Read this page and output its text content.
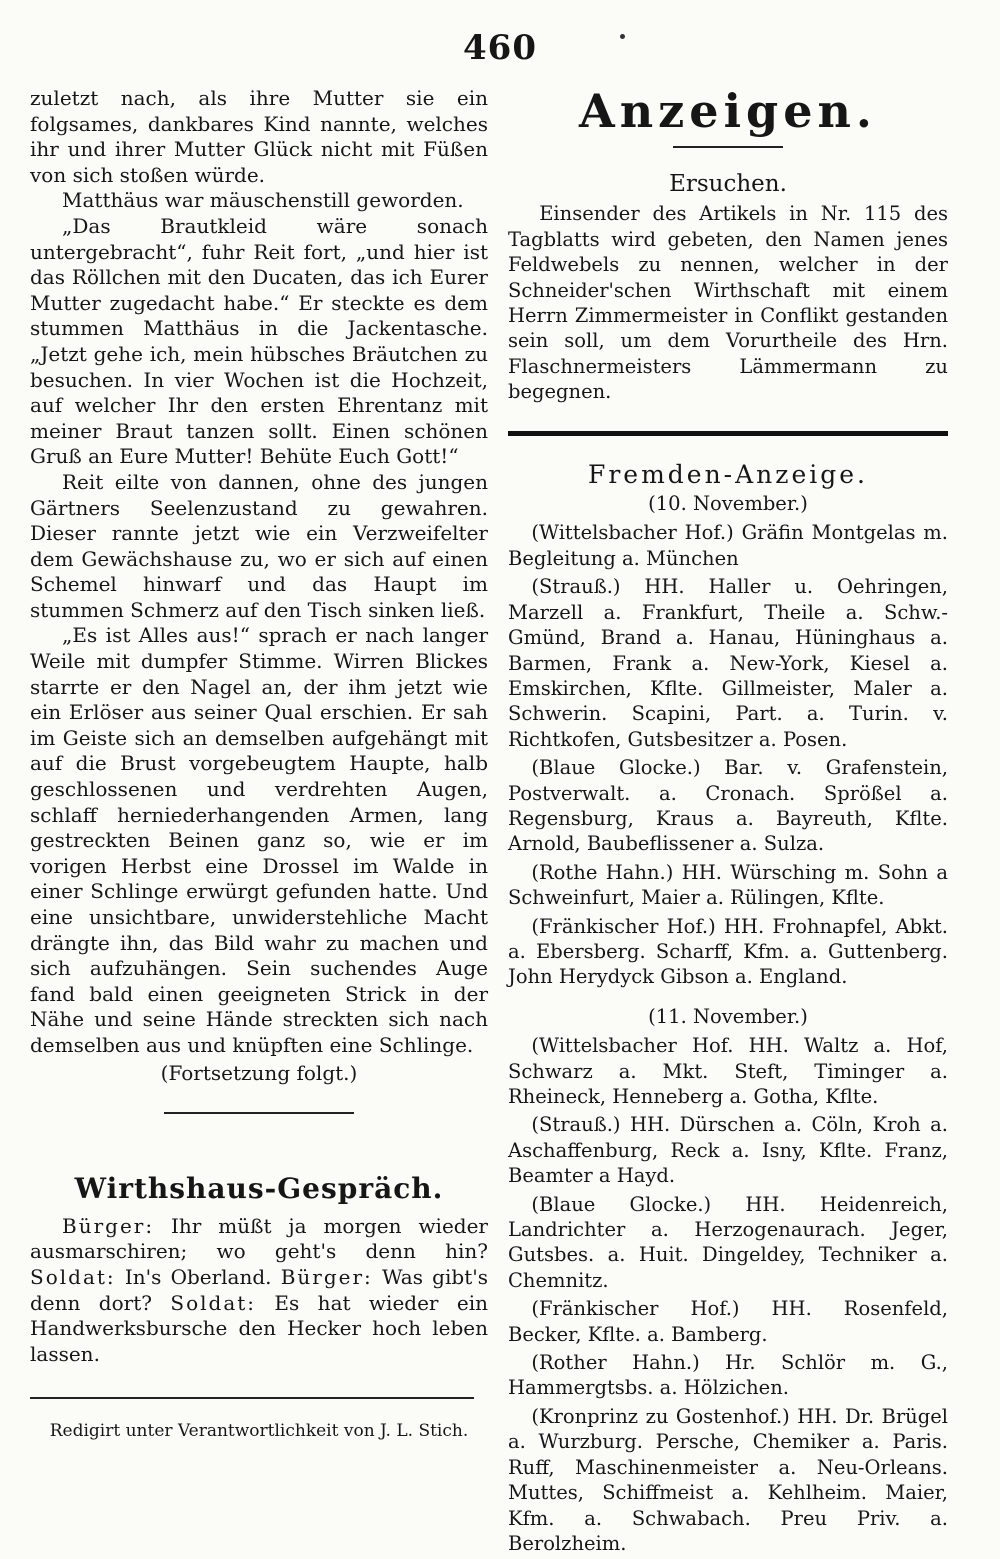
460

zuletzt nach, als ihre Mutter sie ein folgsames, dankbares Kind nannte, welches ihr und ihrer Mutter Glück nicht mit Füßen von sich stoßen würde.

Matthäus war mäuschenstill geworden.

„Das Brautkleid wäre sonach untergebracht“, fuhr Reit fort, „und hier ist das Röllchen mit den Ducaten, das ich Eurer Mutter zugedacht habe.“ Er steckte es dem stummen Matthäus in die Jackentasche. „Jetzt gehe ich, mein hübsches Bräutchen zu besuchen. In vier Wochen ist die Hochzeit, auf welcher Ihr den ersten Ehrentanz mit meiner Braut tanzen sollt. Einen schönen Gruß an Eure Mutter! Behüte Euch Gott!“

Reit eilte von dannen, ohne des jungen Gärtners Seelenzustand zu gewahren. Dieser rannte jetzt wie ein Verzweifelter dem Gewächshause zu, wo er sich auf einen Schemel hinwarf und das Haupt im stummen Schmerz auf den Tisch sinken ließ.

„Es ist Alles aus!“ sprach er nach langer Weile mit dumpfer Stimme. Wirren Blickes starrte er den Nagel an, der ihm jetzt wie ein Erlöser aus seiner Qual erschien. Er sah im Geiste sich an demselben aufgehängt mit auf die Brust vorgebeugtem Haupte, halb geschlossenen und verdrehten Augen, schlaff herniederhangenden Armen, lang gestreckten Beinen ganz so, wie er im vorigen Herbst eine Drossel im Walde in einer Schlinge erwürgt gefunden hatte. Und eine unsichtbare, unwiderstehliche Macht drängte ihn, das Bild wahr zu machen und sich aufzuhängen. Sein suchendes Auge fand bald einen geeigneten Strick in der Nähe und seine Hände streckten sich nach demselben aus und knüpften eine Schlinge.

(Fortsetzung folgt.)

Wirthshaus-Gespräch.

Bürger: Ihr müßt ja morgen wieder ausmarschiren; wo geht's denn hin? Soldat: In's Oberland. Bürger: Was gibt's denn dort? Soldat: Es hat wieder ein Handwerksbursche den Hecker hoch leben lassen.

Redigirt unter Verantwortlichkeit von J. L. Stich.
Anzeigen.
Ersuchen.

Einsender des Artikels in Nr. 115 des Tagblatts wird gebeten, den Namen jenes Feldwebels zu nennen, welcher in der Schneider'schen Wirthschaft mit einem Herrn Zimmermeister in Conflikt gestanden sein soll, um dem Vorurtheile des Hrn. Flaschnermeisters Lämmermann zu begegnen.

Fremden-Anzeige.
(10. November.)

(Wittelsbacher Hof.) Gräfin Montgelas m. Begleitung a. München

(Strauß.) HH. Haller u. Oehringen, Marzell a. Frankfurt, Theile a. Schw.-Gmünd, Brand a. Hanau, Hüninghaus a. Barmen, Frank a. New-York, Kiesel a. Emskirchen, Kflte. Gillmeister, Maler a. Schwerin. Scapini, Part. a. Turin. v. Richtkofen, Gutsbesitzer a. Posen.

(Blaue Glocke.) Bar. v. Grafenstein, Postverwalt. a. Cronach. Sprößel a. Regensburg, Kraus a. Bayreuth, Kflte. Arnold, Baubeflissener a. Sulza.

(Rothe Hahn.) HH. Würsching m. Sohn a Schweinfurt, Maier a. Rülingen, Kflte.

(Fränkischer Hof.) HH. Frohnapfel, Abkt. a. Ebersberg. Scharff, Kfm. a. Guttenberg. John Herydyck Gibson a. England.

(11. November.)

(Wittelsbacher Hof. HH. Waltz a. Hof, Schwarz a. Mkt. Steft, Timinger a. Rheineck, Henneberg a. Gotha, Kflte.

(Strauß.) HH. Dürschen a. Cöln, Kroh a. Aschaffenburg, Reck a. Isny, Kflte. Franz, Beamter a Hayd.

(Blaue Glocke.) HH. Heidenreich, Landrichter a. Herzogenaurach. Jeger, Gutsbes. a. Huit. Dingeldey, Techniker a. Chemnitz.

(Fränkischer Hof.) HH. Rosenfeld, Becker, Kflte. a. Bamberg.

(Rother Hahn.) Hr. Schlör m. G., Hammergtsbs. a. Hölzichen.

(Kronprinz zu Gostenhof.) HH. Dr. Brügel a. Wurzburg. Persche, Chemiker a. Paris. Ruff, Maschinenmeister a. Neu-Orleans. Muttes, Schiffmeist a. Kehlheim. Maier, Kfm. a. Schwabach. Preu Priv. a. Berolzheim.
